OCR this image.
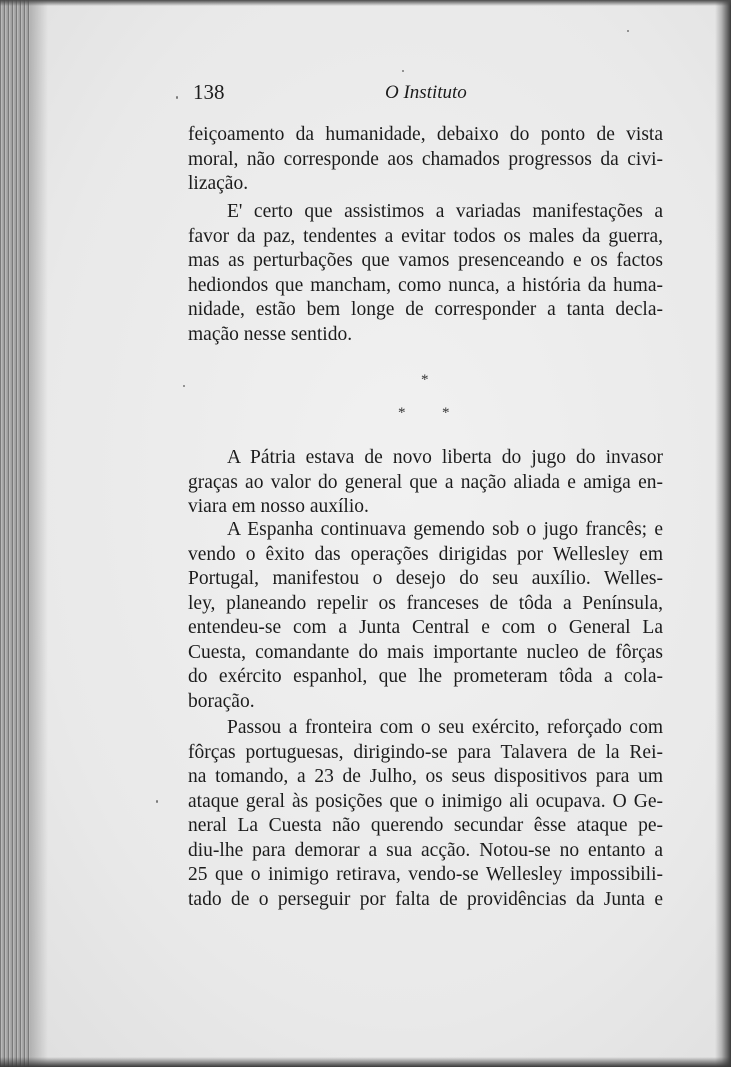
138	O Instituto
feiçoamento da humanidade, debaixo do ponto de vista
moral, não corresponde aos chamados progressos da civi-
lização.
E' certo que assistimos a variadas manifestações a
favor da paz, tendentes a evitar todos os males da guerra,
mas as perturbações que vamos presenceando e os factos
hediondos que mancham, como nunca, a história da huma-
nidade, estão bem longe de corresponder a tanta decla-
mação nesse sentido.
*
* *
A Pátria estava de novo liberta do jugo do invasor
graças ao valor do general que a nação aliada e amiga en-
viara em nosso auxílio.
A Espanha continuava gemendo sob o jugo francês; e
vendo o êxito das operações dirigidas por Wellesley em
Portugal, manifestou o desejo do seu auxílio. Welles-
ley, planeando repelir os franceses de tôda a Península,
entendeu-se com a Junta Central e com o General La
Cuesta, comandante do mais importante nucleo de fôrças
do exército espanhol, que lhe prometeram tôda a cola-
boração.
Passou a fronteira com o seu exército, reforçado com
fôrças portuguesas, dirigindo-se para Talavera de la Rei-
na tomando, a 23 de Julho, os seus dispositivos para um
ataque geral às posições que o inimigo ali ocupava. O Ge-
neral La Cuesta não querendo secundar êsse ataque pe-
diu-lhe para demorar a sua acção. Notou-se no entanto a
25 que o inimigo retirava, vendo-se Wellesley impossibili-
tado de o perseguir por falta de providências da Junta e
